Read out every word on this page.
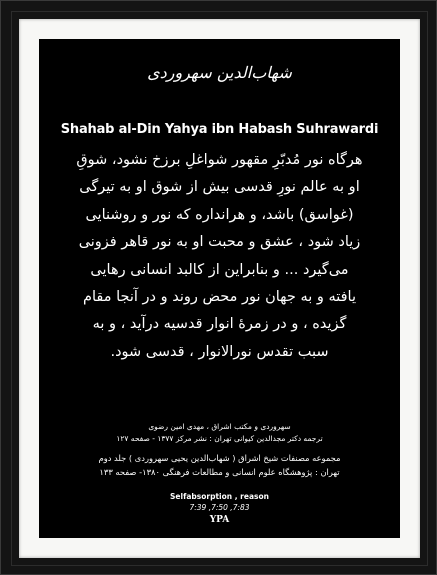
شهاب‌الدین سهروردی
Shahab al-Din Yahya ibn Habash Suhrawardi
هرگاه نور مُدبّرِ مقهور شواغلِ برزخ نشود، شوقِ
او به عالم نورِ قدسی بیش از شوق او به تیرگی
(غواسق) باشد، و هرانداره که نور و روشنایی
زیاد شود ، عشق و محبت او به نور قاهر فزونی
می‌گیرد ... و بنابراین از کالبد انسانی رهایی
یافته و به جهان نور محض روند و در آنجا مقام
گزیده ، و در زمرۀ انوار قدسیه درآید ، و به
سبب تقدس نورالانوار ، قدسی شود.
سهروردی و مکتب اشراق ، مهدی امین رضوی
ترجمه دکتر مجدالدین کیوانی تهران : نشر مرکز ۱۳۷۷ - صفحه ۱۲۷
مجموعه مصنفات شیخ اشراق ( شهاب‌الدین یحیی سهروردی ) جلد دوم
تهران : پژوهشگاه علوم انسانی و مطالعات فرهنگی ۱۳۸۰- صفحه ۱۳۳
Selfabsorption , reason
7:39 ,7:50 ,7:83
YPA
